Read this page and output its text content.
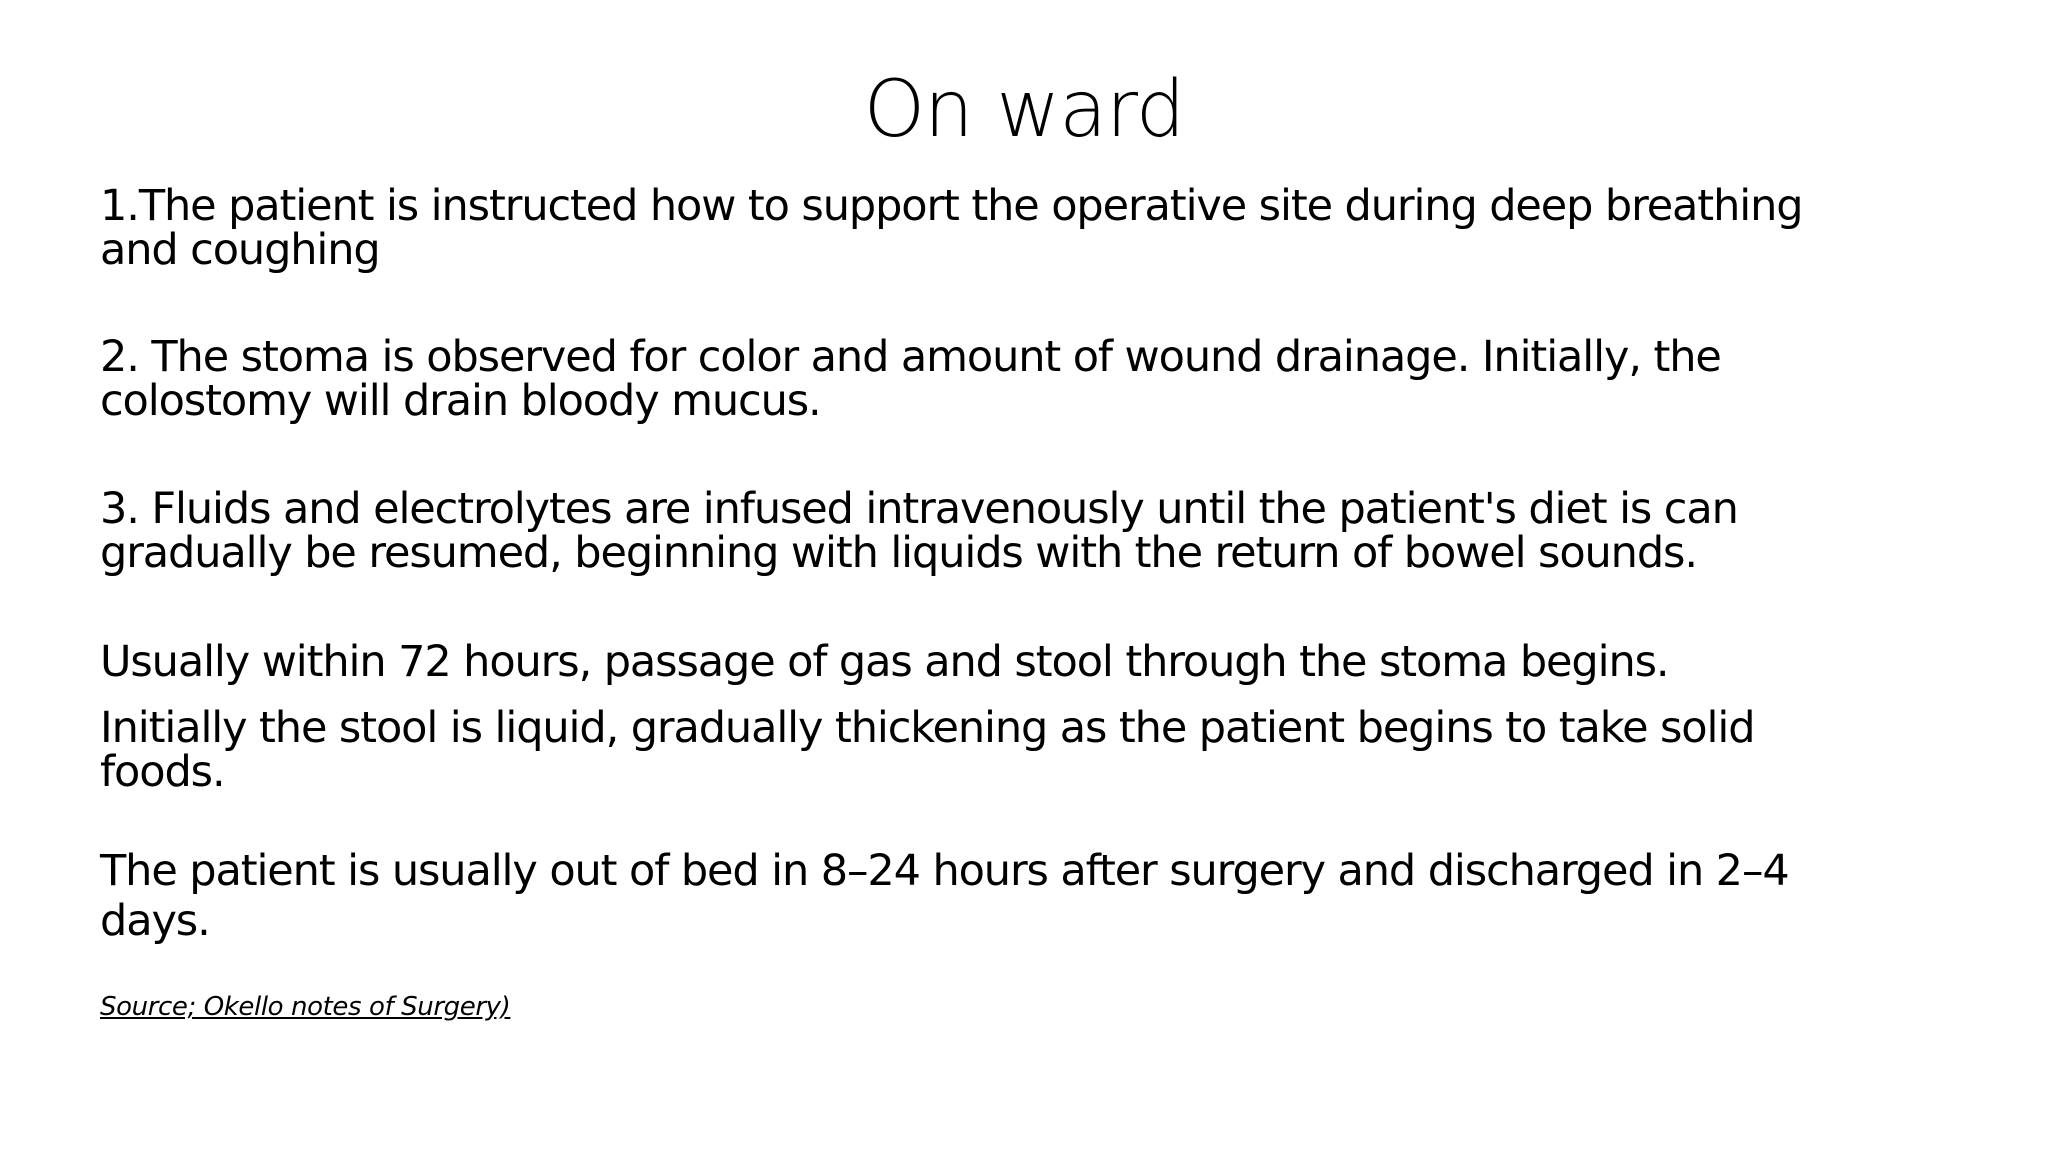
On ward
1.The patient is instructed how to support the operative site during deep breathing and coughing
2. The stoma is observed for color and amount of wound drainage. Initially, the colostomy will drain bloody mucus.
3. Fluids and electrolytes are infused intravenously until the patient's diet is can gradually be resumed, beginning with liquids with the return of bowel sounds.
Usually within 72 hours, passage of gas and stool through the stoma begins.
Initially the stool is liquid, gradually thickening as the patient begins to take solid foods.
The patient is usually out of bed in 8–24 hours after surgery and discharged in 2–4 days.
Source; Okello notes of Surgery)
